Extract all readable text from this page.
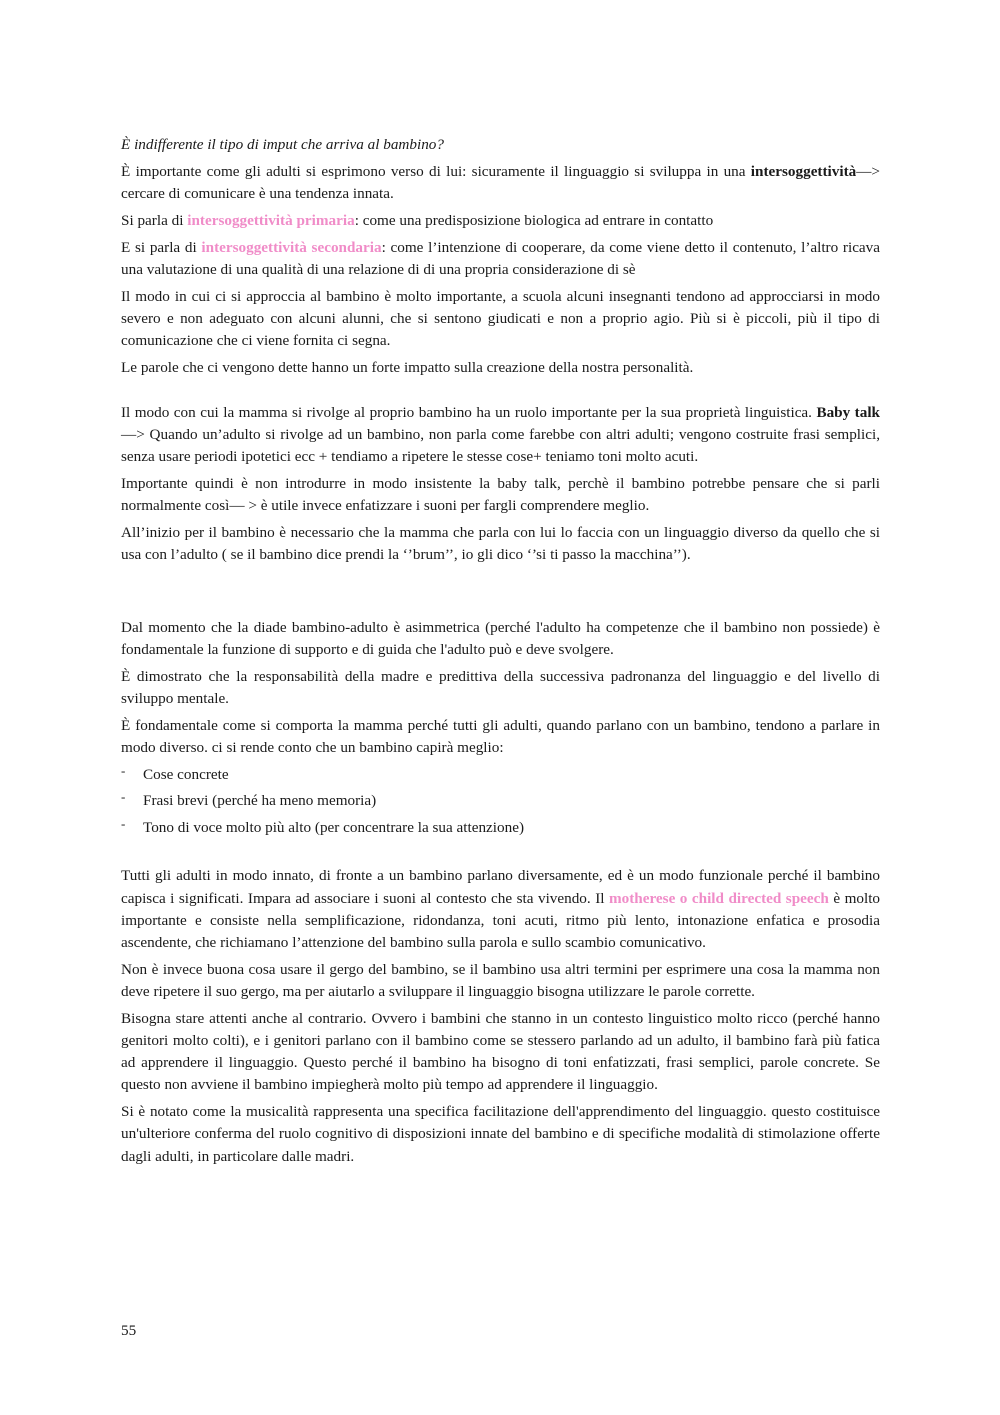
È indifferente il tipo di imput che arriva al bambino?

È importante come gli adulti si esprimono verso di lui: sicuramente il linguaggio si sviluppa in una intersoggettività—> cercare di comunicare è una tendenza innata.

Si parla di intersoggettività primaria: come una predisposizione biologica ad entrare in contatto

E si parla di intersoggettività secondaria: come l’intenzione di cooperare, da come viene detto il contenuto, l’altro ricava una valutazione di una qualità di una relazione di di una propria considerazione di sè

Il modo in cui ci si approccia al bambino è molto importante, a scuola alcuni insegnanti tendono ad approcciarsi in modo severo e non adeguato con alcuni alunni, che si sentono giudicati e non a proprio agio. Più si è piccoli, più il tipo di comunicazione che ci viene fornita ci segna.

Le parole che ci vengono dette hanno un forte impatto sulla creazione della nostra personalità.

Il modo con cui la mamma si rivolge al proprio bambino ha un ruolo importante per la sua proprietà linguistica. Baby talk—> Quando un’adulto si rivolge ad un bambino, non parla come farebbe con altri adulti; vengono costruite frasi semplici, senza usare periodi ipotetici ecc + tendiamo a ripetere le stesse cose+ teniamo toni molto acuti.

Importante quindi è non introdurre in modo insistente la baby talk, perchè il bambino potrebbe pensare che si parli normalmente così— > è utile invece enfatizzare i suoni per fargli comprendere meglio.

All’inizio per il bambino è necessario che la mamma che parla con lui lo faccia con un linguaggio diverso da quello che si usa con l’adulto ( se il bambino dice prendi la ‘’brum’’, io gli dico ‘’si ti passo la macchina’’).

Dal momento che la diade bambino-adulto è asimmetrica (perché l'adulto ha competenze che il bambino non possiede) è fondamentale la funzione di supporto e di guida che l'adulto può e deve svolgere.

È dimostrato che la responsabilità della madre e predittiva della successiva padronanza del linguaggio e del livello di sviluppo mentale.

È fondamentale come si comporta la mamma perché tutti gli adulti, quando parlano con un bambino, tendono a parlare in modo diverso. ci si rende conto che un bambino capirà meglio:

- Cose concrete
- Frasi brevi (perché ha meno memoria)
- Tono di voce molto più alto (per concentrare la sua attenzione)

Tutti gli adulti in modo innato, di fronte a un bambino parlano diversamente, ed è un modo funzionale perché il bambino capisca i significati. Impara ad associare i suoni al contesto che sta vivendo. Il motherese o child directed speech è molto importante e consiste nella semplificazione, ridondanza, toni acuti, ritmo più lento, intonazione enfatica e prosodia ascendente, che richiamano l’attenzione del bambino sulla parola e sullo scambio comunicativo.

Non è invece buona cosa usare il gergo del bambino, se il bambino usa altri termini per esprimere una cosa la mamma non deve ripetere il suo gergo, ma per aiutarlo a sviluppare il linguaggio bisogna utilizzare le parole corrette.

Bisogna stare attenti anche al contrario. Ovvero i bambini che stanno in un contesto linguistico molto ricco (perché hanno genitori molto colti), e i genitori parlano con il bambino come se stessero parlando ad un adulto, il bambino farà più fatica ad apprendere il linguaggio. Questo perché il bambino ha bisogno di toni enfatizzati, frasi semplici, parole concrete. Se questo non avviene il bambino impiegherà molto più tempo ad apprendere il linguaggio.

Si è notato come la musicalità rappresenta una specifica facilitazione dell'apprendimento del linguaggio. questo costituisce un'ulteriore conferma del ruolo cognitivo di disposizioni innate del bambino e di specifiche modalità di stimolazione offerte dagli adulti, in particolare dalle madri.

55
